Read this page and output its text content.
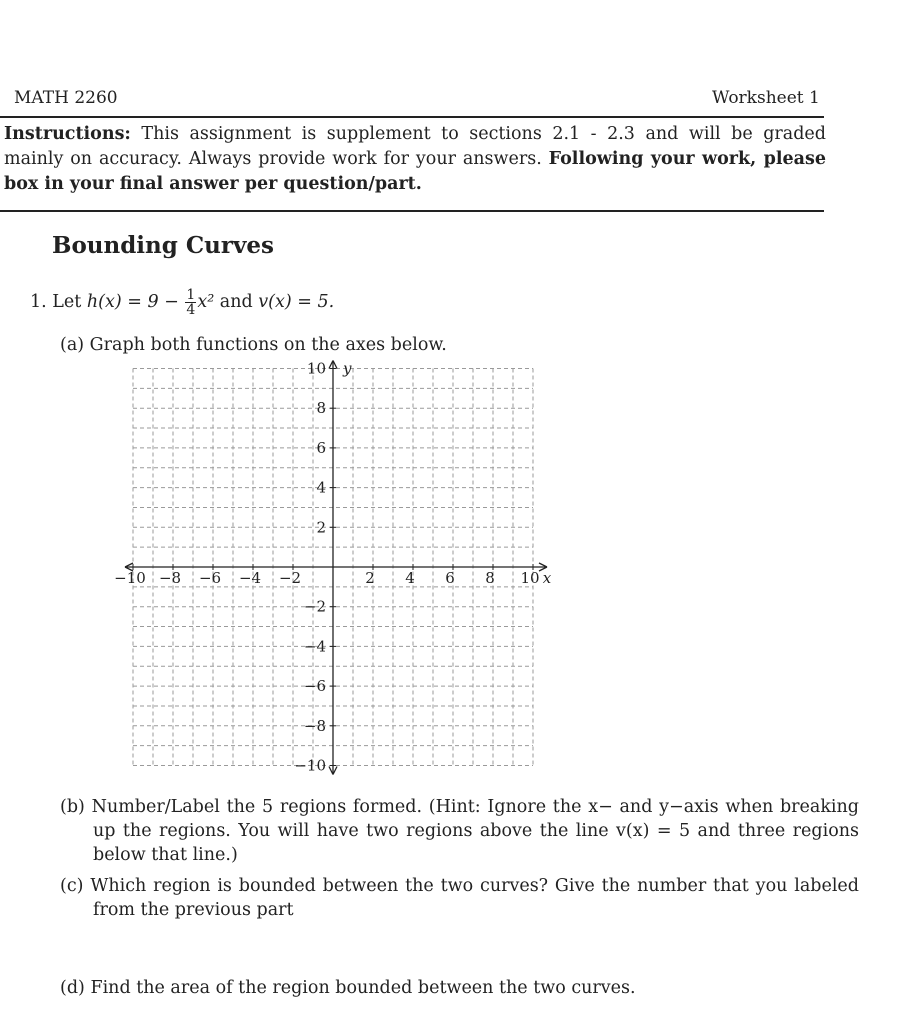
MATH 2260	Worksheet 1
Instructions: This assignment is supplement to sections 2.1 - 2.3 and will be graded mainly on accuracy. Always provide work for your answers. Following your work, please box in your final answer per question/part.
Bounding Curves
1. Let $h(x) = 9 - \frac{1}{4} x^2$ and v(x) = 5.
(a) Graph both functions on the axes below.
−10 −8 −6 −4 −2	2 4 6 8 10
10
8
6
4
2
−2
−4
−6
−8
−10
x
y
(b) Number/Label the 5 regions formed. (Hint: Ignore the x− and y−axis when breaking up the regions. You will have two regions above the line v(x) = 5 and three regions below that line.)
(c) Which region is bounded between the two curves? Give the number that you labeled from the previous part
(d) Find the area of the region bounded between the two curves.
